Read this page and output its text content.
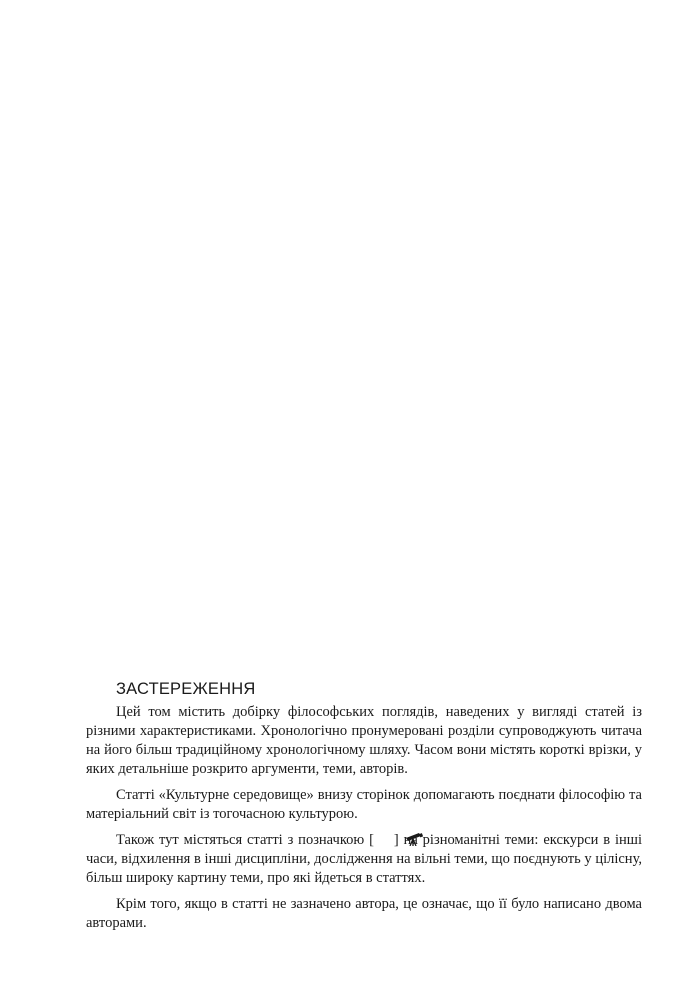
ЗАСТЕРЕЖЕННЯ

Цей том містить добірку філософських поглядів, наведених у вигляді статей із різними характеристиками. Хронологічно пронумеровані розділи супроводжують читача на його більш традиційному хронологічному шляху. Часом вони містять короткі врізки, у яких детальніше розкрито аргументи, теми, авторів.

Статті «Культурне середовище» внизу сторінок допомагають поєднати філософію та матеріальний світ із тогочасною культурою.

Також тут містяться статті з позначкою [ ] на різноманітні теми: екскурси в інші часи, відхилення в інші дисципліни, дослідження на вільні теми, що поєднують у цілісну, більш широку картину теми, про які йдеться в статтях.

Крім того, якщо в статті не зазначено автора, це означає, що її було написано двома авторами.
